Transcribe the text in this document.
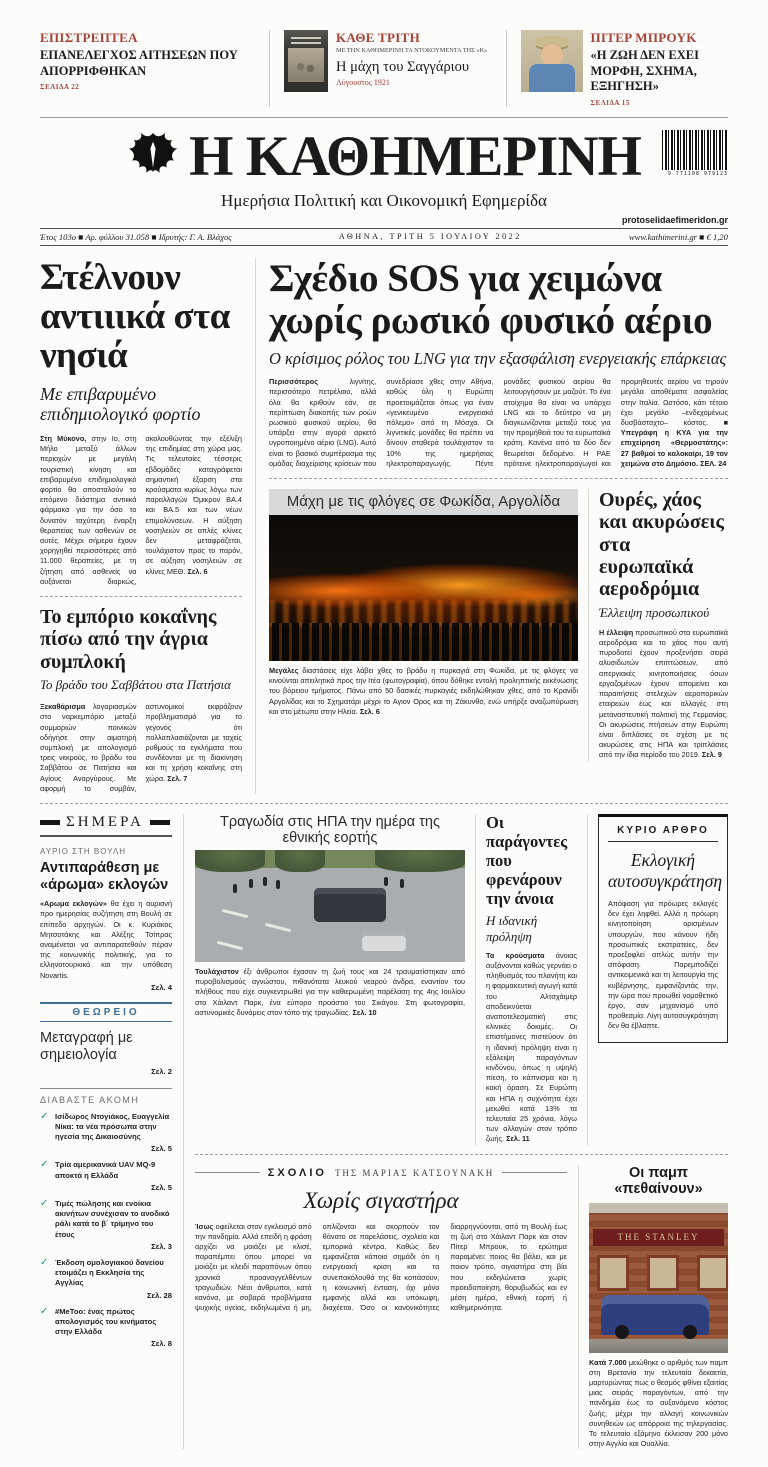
ΕΠΙΣΤΡΕΠΤΕΑ
ΕΠΑΝΕΛΕΓΧΟΣ ΑΙΤΗΣΕΩΝ ΠΟΥ ΑΠΟΡΡΙΦΘΗΚΑΝ
ΣΕΛΙΔΑ 22
ΚΑΘΕ ΤΡΙΤΗ
ΜΕ ΤΗΝ ΚΑΘΗΜΕΡΙΝΗ ΤΑ ΝΤΟΚΟΥΜΕΝΤΑ ΤΗΣ «Κ»
Η μάχη του Σαγγάριου
Αύγουστος 1921
ΠΙΤΕΡ ΜΠΡΟΥΚ
«Η ΖΩΗ ΔΕΝ ΕΧΕΙ ΜΟΡΦΗ, ΣΧΗΜΑ, ΕΞΗΓΗΣΗ»
ΣΕΛΙΔΑ 15
Η ΚΑΘΗΜΕΡΙΝΗ	9 771108 979123
Ημερήσια Πολιτική και Οικονομική Εφημερίδα
protoselidaefimeridon.gr
Έτος 103ο ■ Αρ. φύλλου 31.058 ■ Ιδρυτής: Γ. Α. Βλάχος	ΑΘΗΝΑ, ΤΡΙΤΗ 5 ΙΟΥΛΙΟΥ 2022	www.kathimerini.gr ■ € 1,20
Στέλνουν αντιιικά στα νησιά
Με επιβαρυμένο επιδημιολογικό φορτίο
Στη Μύκονο, στην Ιο, στη Μήλο μεταξύ άλλων περιοχών με μεγάλη τουριστική κίνηση και επιβαρυμένο επιδημιολογικό φορτίο θα αποσταλούν το επόμενο διάστημα αντιιικά φάρμακα για την όσο το δυνατόν ταχύτερη έναρξη θεραπείας των ασθενών σε αυτές. Μέχρι σήμερα έχουν χορηγηθεί περισσότερες από 11.000 θεραπείες, με τη ζήτηση από ασθενείς να αυξάνεται διαρκώς, ακολουθώντας την εξέλιξη της επιδημίας στη χώρα μας. Τις τελευταίες τέσσερις εβδομάδες καταγράφεται σημαντική έξαρση στα κρούσματα κυρίως λόγω των παραλλαγών Όμικρον ΒΑ.4 και ΒΑ.5 και των νέων επιμολύνσεων. Η αύξηση νοσηλειών σε απλές κλίνες δεν μεταφράζεται, τουλάχιστον προς το παρόν, σε αύξηση νοσηλειών σε κλίνες ΜΕΘ. Σελ. 6
Το εμπόριο κοκαΐνης πίσω από την άγρια συμπλοκή
Το βράδυ του Σαββάτου στα Πατήσια
Ξεκαθάρισμα λογαριασμών στο ναρκεμπόριο μεταξύ συμμοριών ποινικών οδήγησε στην αιματηρή συμπλοκή με απολογισμό τρεις νεκρούς, το βράδυ του Σαββάτου σε Πατήσια και Αγίους Αναργύρους. Με αφορμή το συμβάν, αστυνομικοί εκφράζουν προβληματισμό για το γεγονός ότι πολλαπλασιάζονται με ταχείς ρυθμούς τα εγκλήματα που συνδέονται με τη διακίνηση και τη χρήση κοκαΐνης στη χώρα. Σελ. 7
Σχέδιο SOS για χειμώνα χωρίς ρωσικό φυσικό αέριο
Ο κρίσιμος ρόλος του LNG για την εξασφάλιση ενεργειακής επάρκειας
Περισσότερος λιγνίτης, περισσότερο πετρέλαιο, αλλά όλα θα κριθούν εάν, σε περίπτωση διακοπής των ροών ρωσικού φυσικού αερίου, θα υπάρξει στην αγορά αρκετό υγροποιημένο αέριο (LNG). Αυτό είναι το βασικό συμπέρασμα της ομάδας διαχείρισης κρίσεων που συνεδρίασε χθες στην Αθήνα, καθώς όλη η Ευρώπη προετοιμάζεται όπως για έναν «γενικευμένο ενεργειακό πόλεμο» από τη Μόσχα. Οι λιγνιτικές μονάδες θα πρέπει να δίνουν σταθερά τουλάχιστον το 10% της ημερήσιας ηλεκτροπαραγωγής. Πέντε μονάδες φυσικού αερίου θα λειτουργήσουν με μαζούτ. Το ένα στοίχημα θα είναι να υπάρχει LNG και το δεύτερο να μη διαγκωνίζονται μεταξύ τους για την προμήθειά του τα ευρωπαϊκά κράτη. Κανένα από τα δύο δεν θεωρείται δεδομένο. Η ΡΑΕ πρότεινε ηλεκτροπαραγωγοί και προμηθευτές αερίου να τηρούν μεγάλα αποθέματα ασφαλείας στην Ιταλία. Ωστόσο, κάτι τέτοιο έχει μεγάλο –ενδεχομένως δυσβάσταχτο– κόστος. ■ Υπεγράφη η ΚΥΑ για την επιχείρηση «Θερμοστάτης»: 27 βαθμοί το καλοκαίρι, 19 τον χειμώνα στο Δημόσιο. ΣΕΛ. 24
Μάχη με τις φλόγες σε Φωκίδα, Αργολίδα
Μεγάλες διαστάσεις είχε λάβει χθες το βράδυ η πυρκαγιά στη Φωκίδα, με τις φλόγες να κινούνται απειλητικά προς την Ιτέα (φωτογραφία), όπου δόθηκε εντολή προληπτικής εκκένωσης του βόρειου τμήματος. Πάνω από 50 δασικές πυρκαγιές εκδηλώθηκαν χθες, από το Κρανίδι Αργολίδας και το Σχηματάρι μέχρι το Αγιον Ορος και τη Ζάκυνθο, ενώ υπήρξε αναζωπύρωση και στο μέτωπο στην Ηλεία. Σελ. 6
Ουρές, χάος και ακυρώσεις στα ευρωπαϊκά αεροδρόμια
Έλλειψη προσωπικού
Η έλλειψη προσωπικού στα ευρωπαϊκά αεροδρόμια και το χάος που αυτή πυροδοτεί έχουν προξενήσει σειρά αλυσιδωτών επιπτώσεων, από απεργιακές κινητοποιήσεις όσων εργαζομένων έχουν απομείνει και παραιτήσεις στελεχών αεροπορικών εταιρειών έως και αλλαγές στη μεταναστευτική πολιτική της Γερμανίας. Οι ακυρώσεις πτήσεων στην Ευρώπη είναι διπλάσιες σε σχέση με τις ακυρώσεις στις ΗΠΑ και τριπλάσιες από την ίδια περίοδο του 2019. Σελ. 9
ΣΗΜΕΡΑ
ΑΥΡΙΟ ΣΤΗ ΒΟΥΛΗ
Αντιπαράθεση με «άρωμα» εκλογών
«Αρωμα εκλογών» θα έχει η αυριανή προ ημερησίας συζήτηση στη Βουλή σε επίπεδο αρχηγών. Οι κ. Κυριάκος Μητσοτάκης και Αλέξης Τσίπρας αναμένεται να αντιπαρατεθούν πέραν της κοινωνικής πολιτικής, για το ελληνοτουρκικό και την υπόθεση Novartis.
Σελ. 4
ΘΕΩΡΕΙΟ
Μεταγραφή με σημειολογία
Σελ. 2
ΔΙΑΒΑΣΤΕ ΑΚΟΜΗ
✓ Ισίδωρος Ντογιάκος, Ευαγγελία Νίκα: τα νέα πρόσωπα στην ηγεσία της Δικαιοσύνης
Σελ. 5
✓ Τρία αμερικανικά UAV MQ-9 αποκτά η Ελλάδα
Σελ. 5
✓ Τιμές πώλησης και ενοίκια ακινήτων συνέχισαν το ανοδικό ράλι κατά το β΄ τρίμηνο του έτους
Σελ. 3
✓ Έκδοση ομολογιακού δανείου ετοιμάζει η Εκκλησία της Αγγλίας
Σελ. 28
✓ #MeToo: ένας πρώτος απολογισμός του κινήματος στην Ελλάδα
Σελ. 8
Τραγωδία στις ΗΠΑ την ημέρα της εθνικής εορτής
Τουλάχιστον έξι άνθρωποι έχασαν τη ζωή τους και 24 τραυματίστηκαν από πυροβολισμούς αγνώστου, πιθανότατα λευκού νεαρού άνδρα, εναντίον του πλήθους που είχε συγκεντρωθεί για την καθιερωμένη παρέλαση της 4ης Ιουλίου στο Χάιλαντ Παρκ, ένα εύπορο προάστιο του Σικάγου. Στη φωτογραφία, αστυνομικές δυνάμεις στον τόπο της τραγωδίας. Σελ. 10
Οι παράγοντες που φρενάρουν την άνοια
Η ιδανική πρόληψη
Τα κρούσματα άνοιας αυξάνονται καθώς γερνάει ο πληθυσμός του πλανήτη και η φαρμακευτική αγωγή κατά του Αλτσχάιμερ αποδεικνύεται αναποτελεσματική στις κλινικές δοκιμές. Οι επιστήμονες πιστεύουν ότι η ιδανική πρόληψη είναι η εξάλειψη παραγόντων κινδύνου, όπως η υψηλή πίεση, το κάπνισμα και η κακή όραση. Σε Ευρώπη και ΗΠΑ η συχνότητα έχει μειωθεί κατά 13% τα τελευταία 25 χρόνια, λόγω των αλλαγών στον τρόπο ζωής. Σελ. 11
ΚΥΡΙΟ ΑΡΘΡΟ
Εκλογική αυτοσυγκράτηση
Απόφαση για πρόωρες εκλογές δεν έχει ληφθεί. Αλλά η πρόωρη κινητοποίηση ορισμένων υπουργών, που κάνουν ήδη προσωπικές εκστρατείες, δεν προεξοφλεί απλώς αυτήν την απόφαση. Παρεμποδίζει αντικειμενικά και τη λειτουργία της κυβέρνησης, εμφανίζοντάς την, την ώρα που προωθεί νομοθετικό έργο, σαν μηχανισμό υπό προθεσμία. Λίγη αυτοσυγκράτηση δεν θα έβλαπτε.
ΣΧΟΛΙΟ ΤΗΣ ΜΑΡΙΑΣ ΚΑΤΣΟΥΝΑΚΗ
Χωρίς σιγαστήρα
Ίσως οφείλεται στον εγκλεισμό από την πανδημία. Αλλά επειδή η φράση αρχίζει να μοιάζει με κλισέ, παραπέμπει όπου μπορεί να μοιάζει με κλειδί παραπόνων όπου χρονικά προαναγγελθέντων τραγωδιών. Νέοι άνθρωποι, κατά κανόνα, με σοβαρά προβλήματα ψυχικής υγείας, εκδηλωμένα ή μη, οπλίζονται και σκορπούν τον θάνατο σε παρελάσεις, σχολεία και εμπορικά κέντρα. Καθώς δεν εμφανίζεται κάποιο σημάδι ότι η ενεργειακή κρίση και τα συνεπακόλουθά της θα κοπάσουν, η κοινωνική ένταση, όχι μόνο εμφανής αλλά και υπόκωφη, διαχέεται. Όσο οι κανονικότητες διαρρηγνύονται, από τη Βουλή έως τη ζωή στο Χάιλαντ Παρκ και στον Πίτερ Μπρουκ, το ερώτημα παραμένει: ποιος θα βάλει, και με ποιον τρόπο, σιγαστήρα στη βία που εκδηλώνεται χωρίς προειδοποίηση, θορυβωδώς και εν μέση ημέρα, εθνική εορτή ή καθημερινότητα.
Οι παμπ «πεθαίνουν»
THE STANLEY
Κατά 7.000 μειώθηκε ο αριθμός των παμπ στη Βρετανία την τελευταία δεκαετία, μαρτυρώντας πως ο θεσμός φθίνει εξαιτίας μιας σειράς παραγόντων, από την πανδημία έως το αυξανόμενο κόστος ζωής, μέχρι την αλλαγή κοινωνικών συνηθειών ως απόρροια της τηλεργασίας. Το τελευταίο εξάμηνο έκλεισαν 200 μόνο στην Αγγλία και Ουαλλία.
